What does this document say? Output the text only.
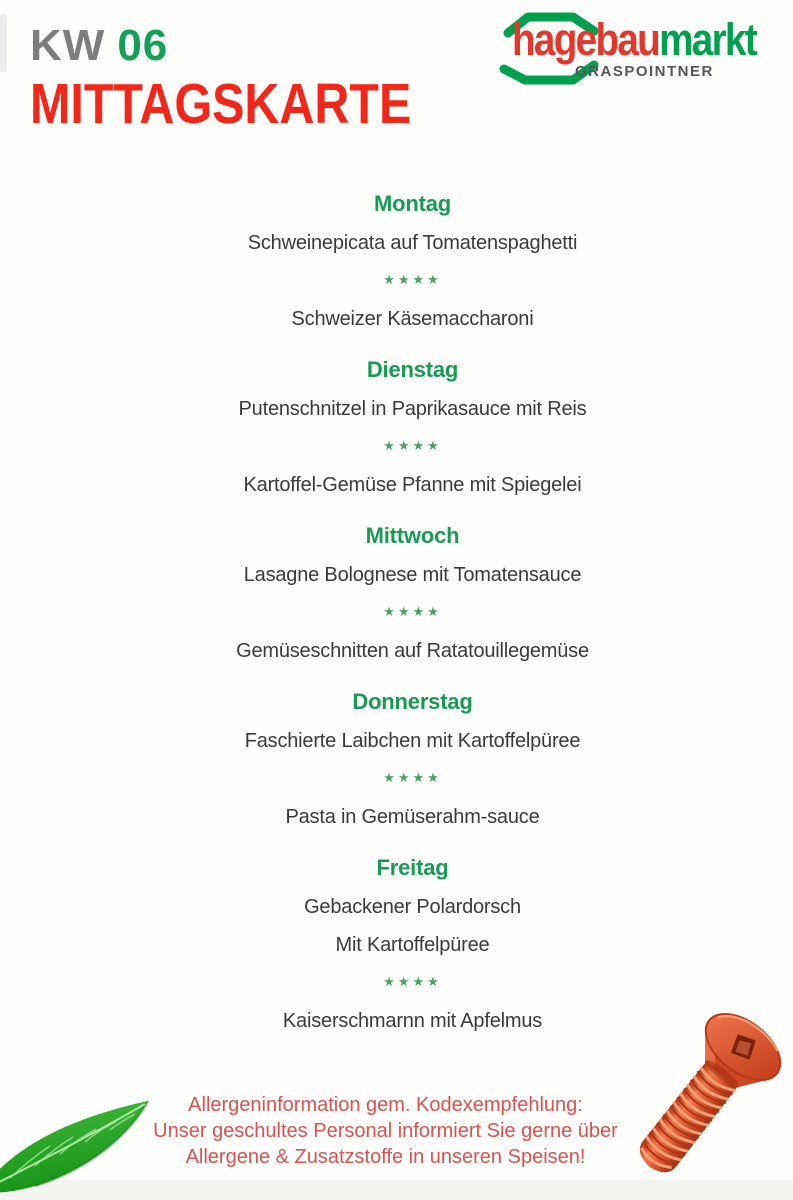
KW 06
MITTAGSKARTE
hagebaumarkt
GRASPOINTNER
Montag
Schweinepicata auf Tomatenspaghetti
★★★★
Schweizer Käsemaccharoni
Dienstag
Putenschnitzel in Paprikasauce mit Reis
★★★★
Kartoffel-Gemüse Pfanne mit Spiegelei
Mittwoch
Lasagne Bolognese mit Tomatensauce
★★★★
Gemüseschnitten auf Ratatouillegemüse
Donnerstag
Faschierte Laibchen mit Kartoffelpüree
★★★★
Pasta in Gemüserahm-sauce
Freitag
Gebackener Polardorsch
Mit Kartoffelpüree
★★★★
Kaiserschmarnn mit Apfelmus
Allergeninformation gem. Kodexempfehlung:
Unser geschultes Personal informiert Sie gerne über
Allergene & Zusatzstoffe in unseren Speisen!
